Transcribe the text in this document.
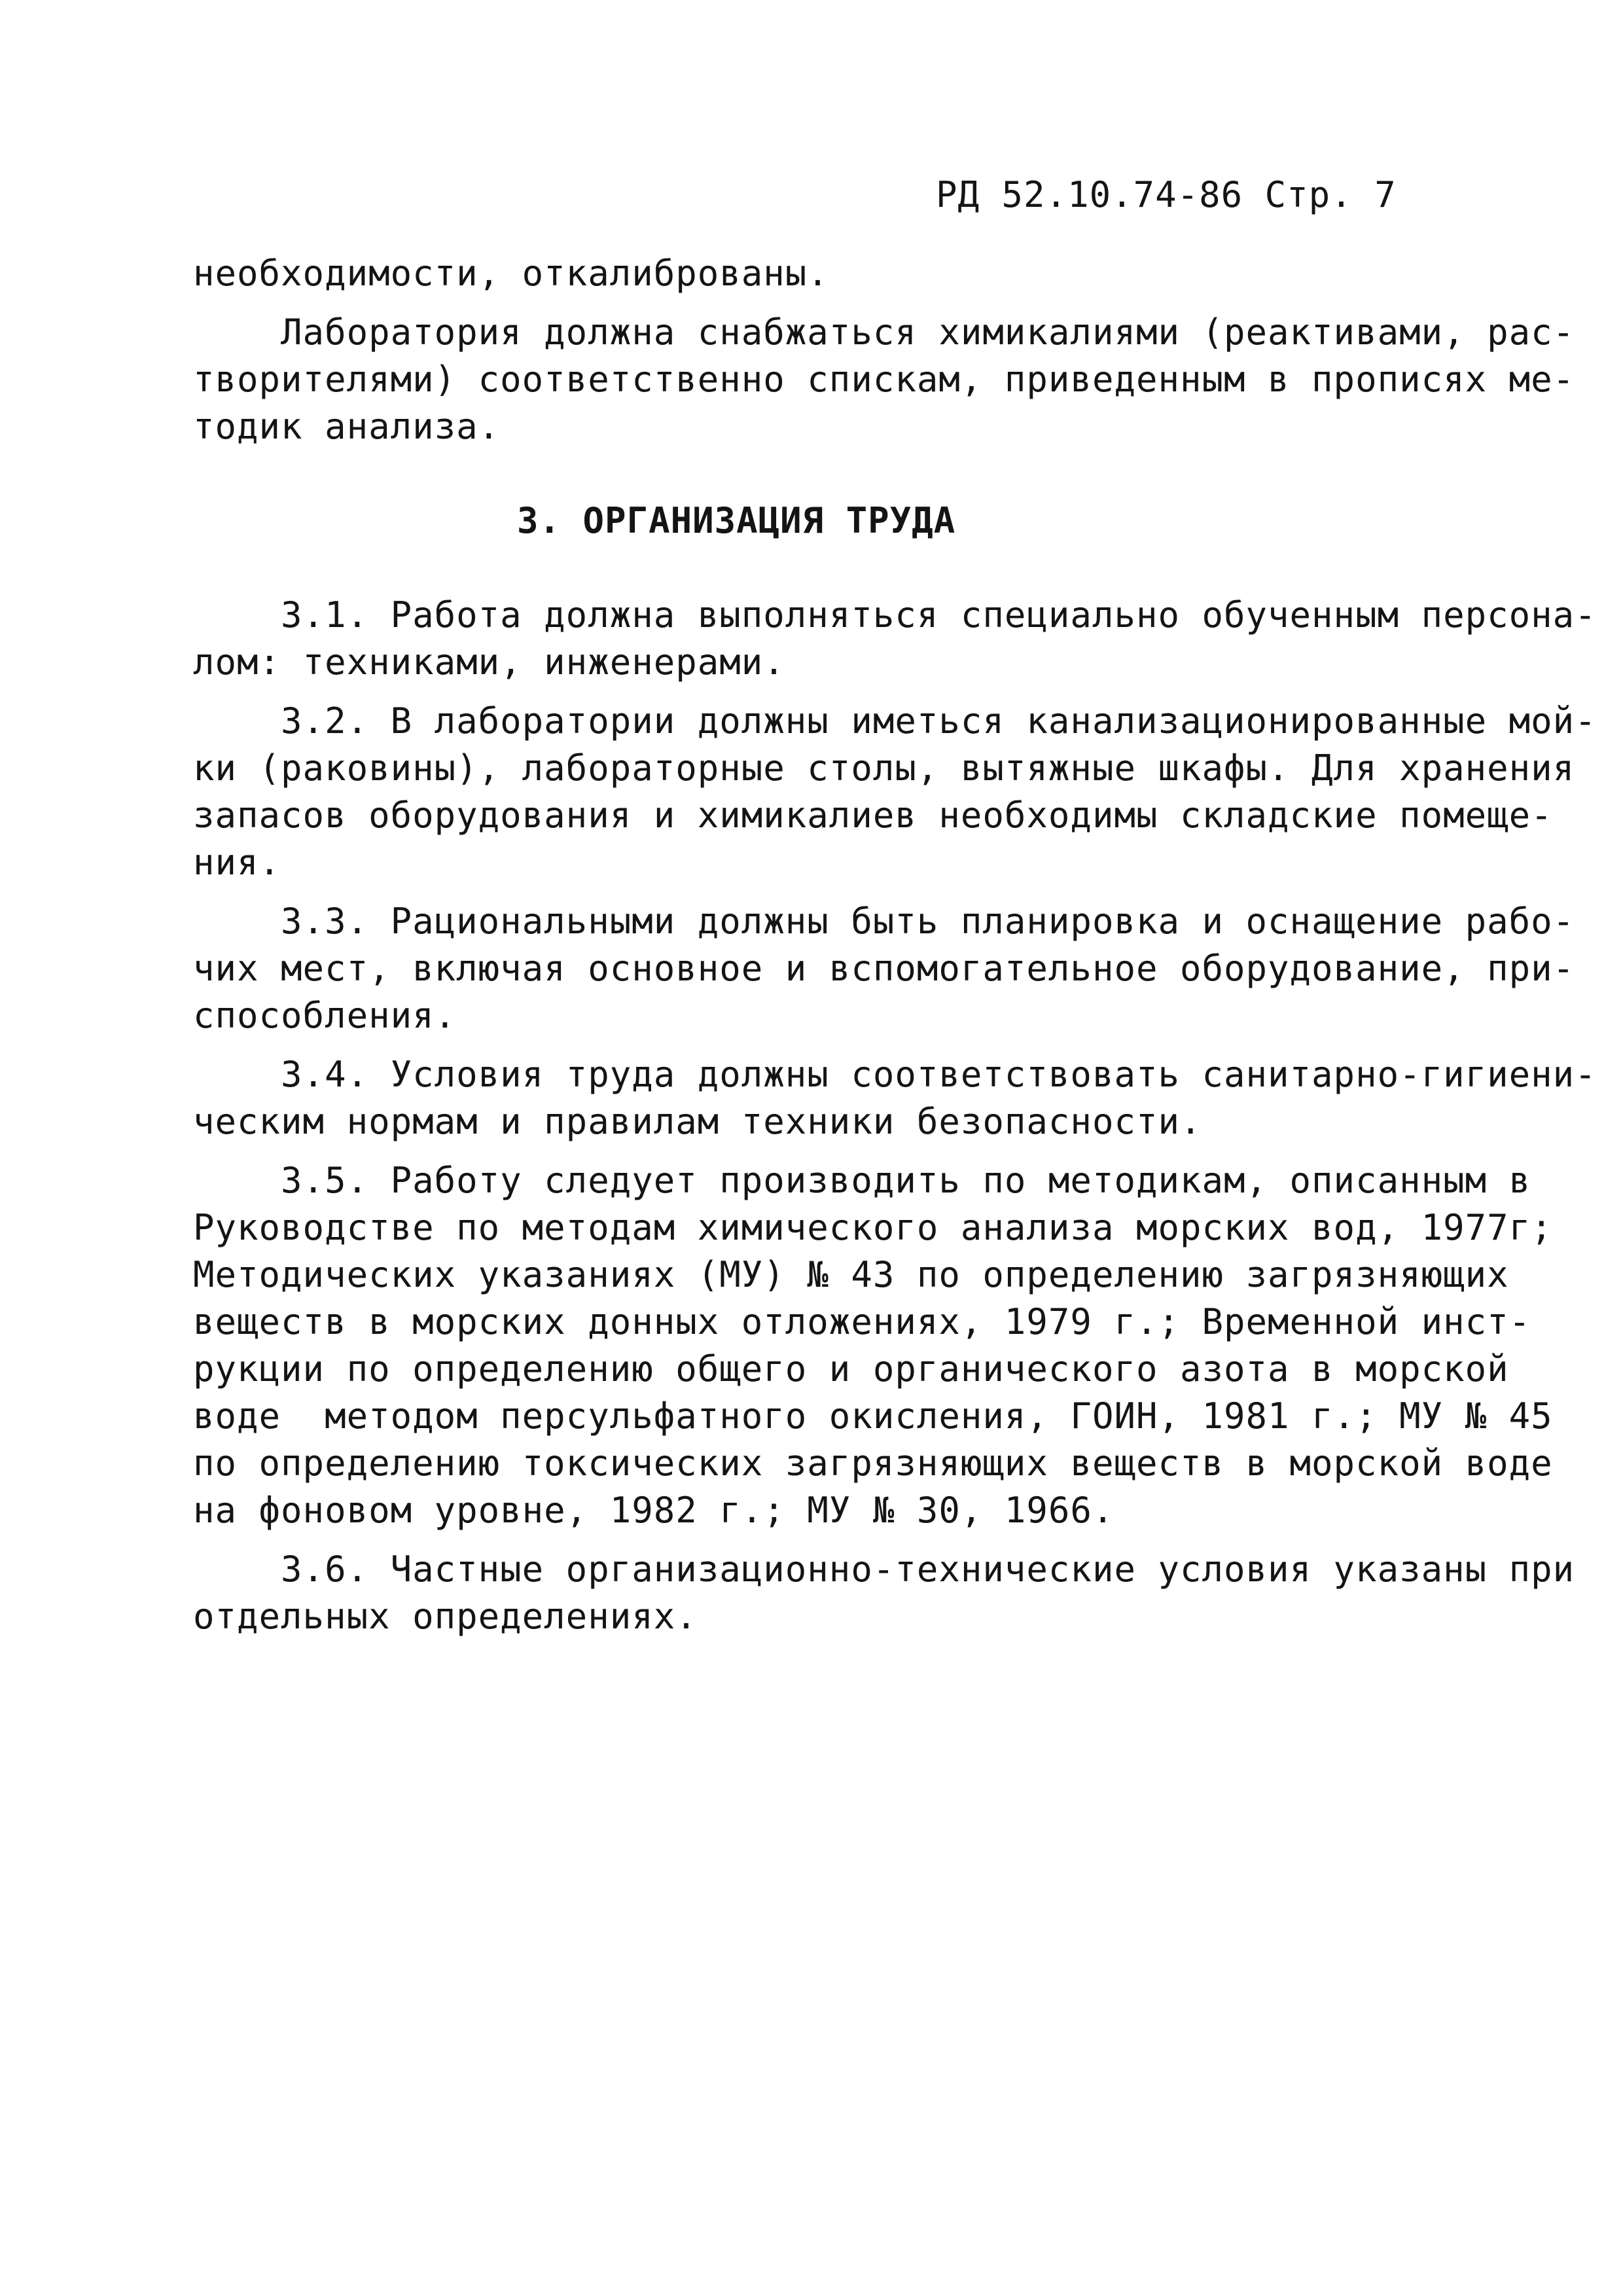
РД 52.10.74-86 Стр. 7
необходимости, откалиброваны.
Лаборатория должна снабжаться химикалиями (реактивами, рас-
творителями) соответственно спискам, приведенным в прописях ме-
тодик анализа.
3. ОРГАНИЗАЦИЯ ТРУДА
3.1. Работа должна выполняться специально обученным персона-
лом: техниками, инженерами.
3.2. В лаборатории должны иметься канализационированные мой-
ки (раковины), лабораторные столы, вытяжные шкафы. Для хранения
запасов оборудования и химикалиев необходимы складские помеще-
ния.
3.3. Рациональными должны быть планировка и оснащение рабо-
чих мест, включая основное и вспомогательное оборудование, при-
способления.
3.4. Условия труда должны соответствовать санитарно-гигиени-
ческим нормам и правилам техники безопасности.
3.5. Работу следует производить по методикам, описанным в
Руководстве по методам химического анализа морских вод, 1977г;
Методических указаниях (МУ) № 43 по определению загрязняющих
веществ в морских донных отложениях, 1979 г.; Временной инст-
рукции по определению общего и органического азота в морской
воде  методом персульфатного окисления, ГОИН, 1981 г.; МУ № 45
по определению токсических загрязняющих веществ в морской воде
на фоновом уровне, 1982 г.; МУ № 30, 1966.
3.6. Частные организационно-технические условия указаны при
отдельных определениях.
